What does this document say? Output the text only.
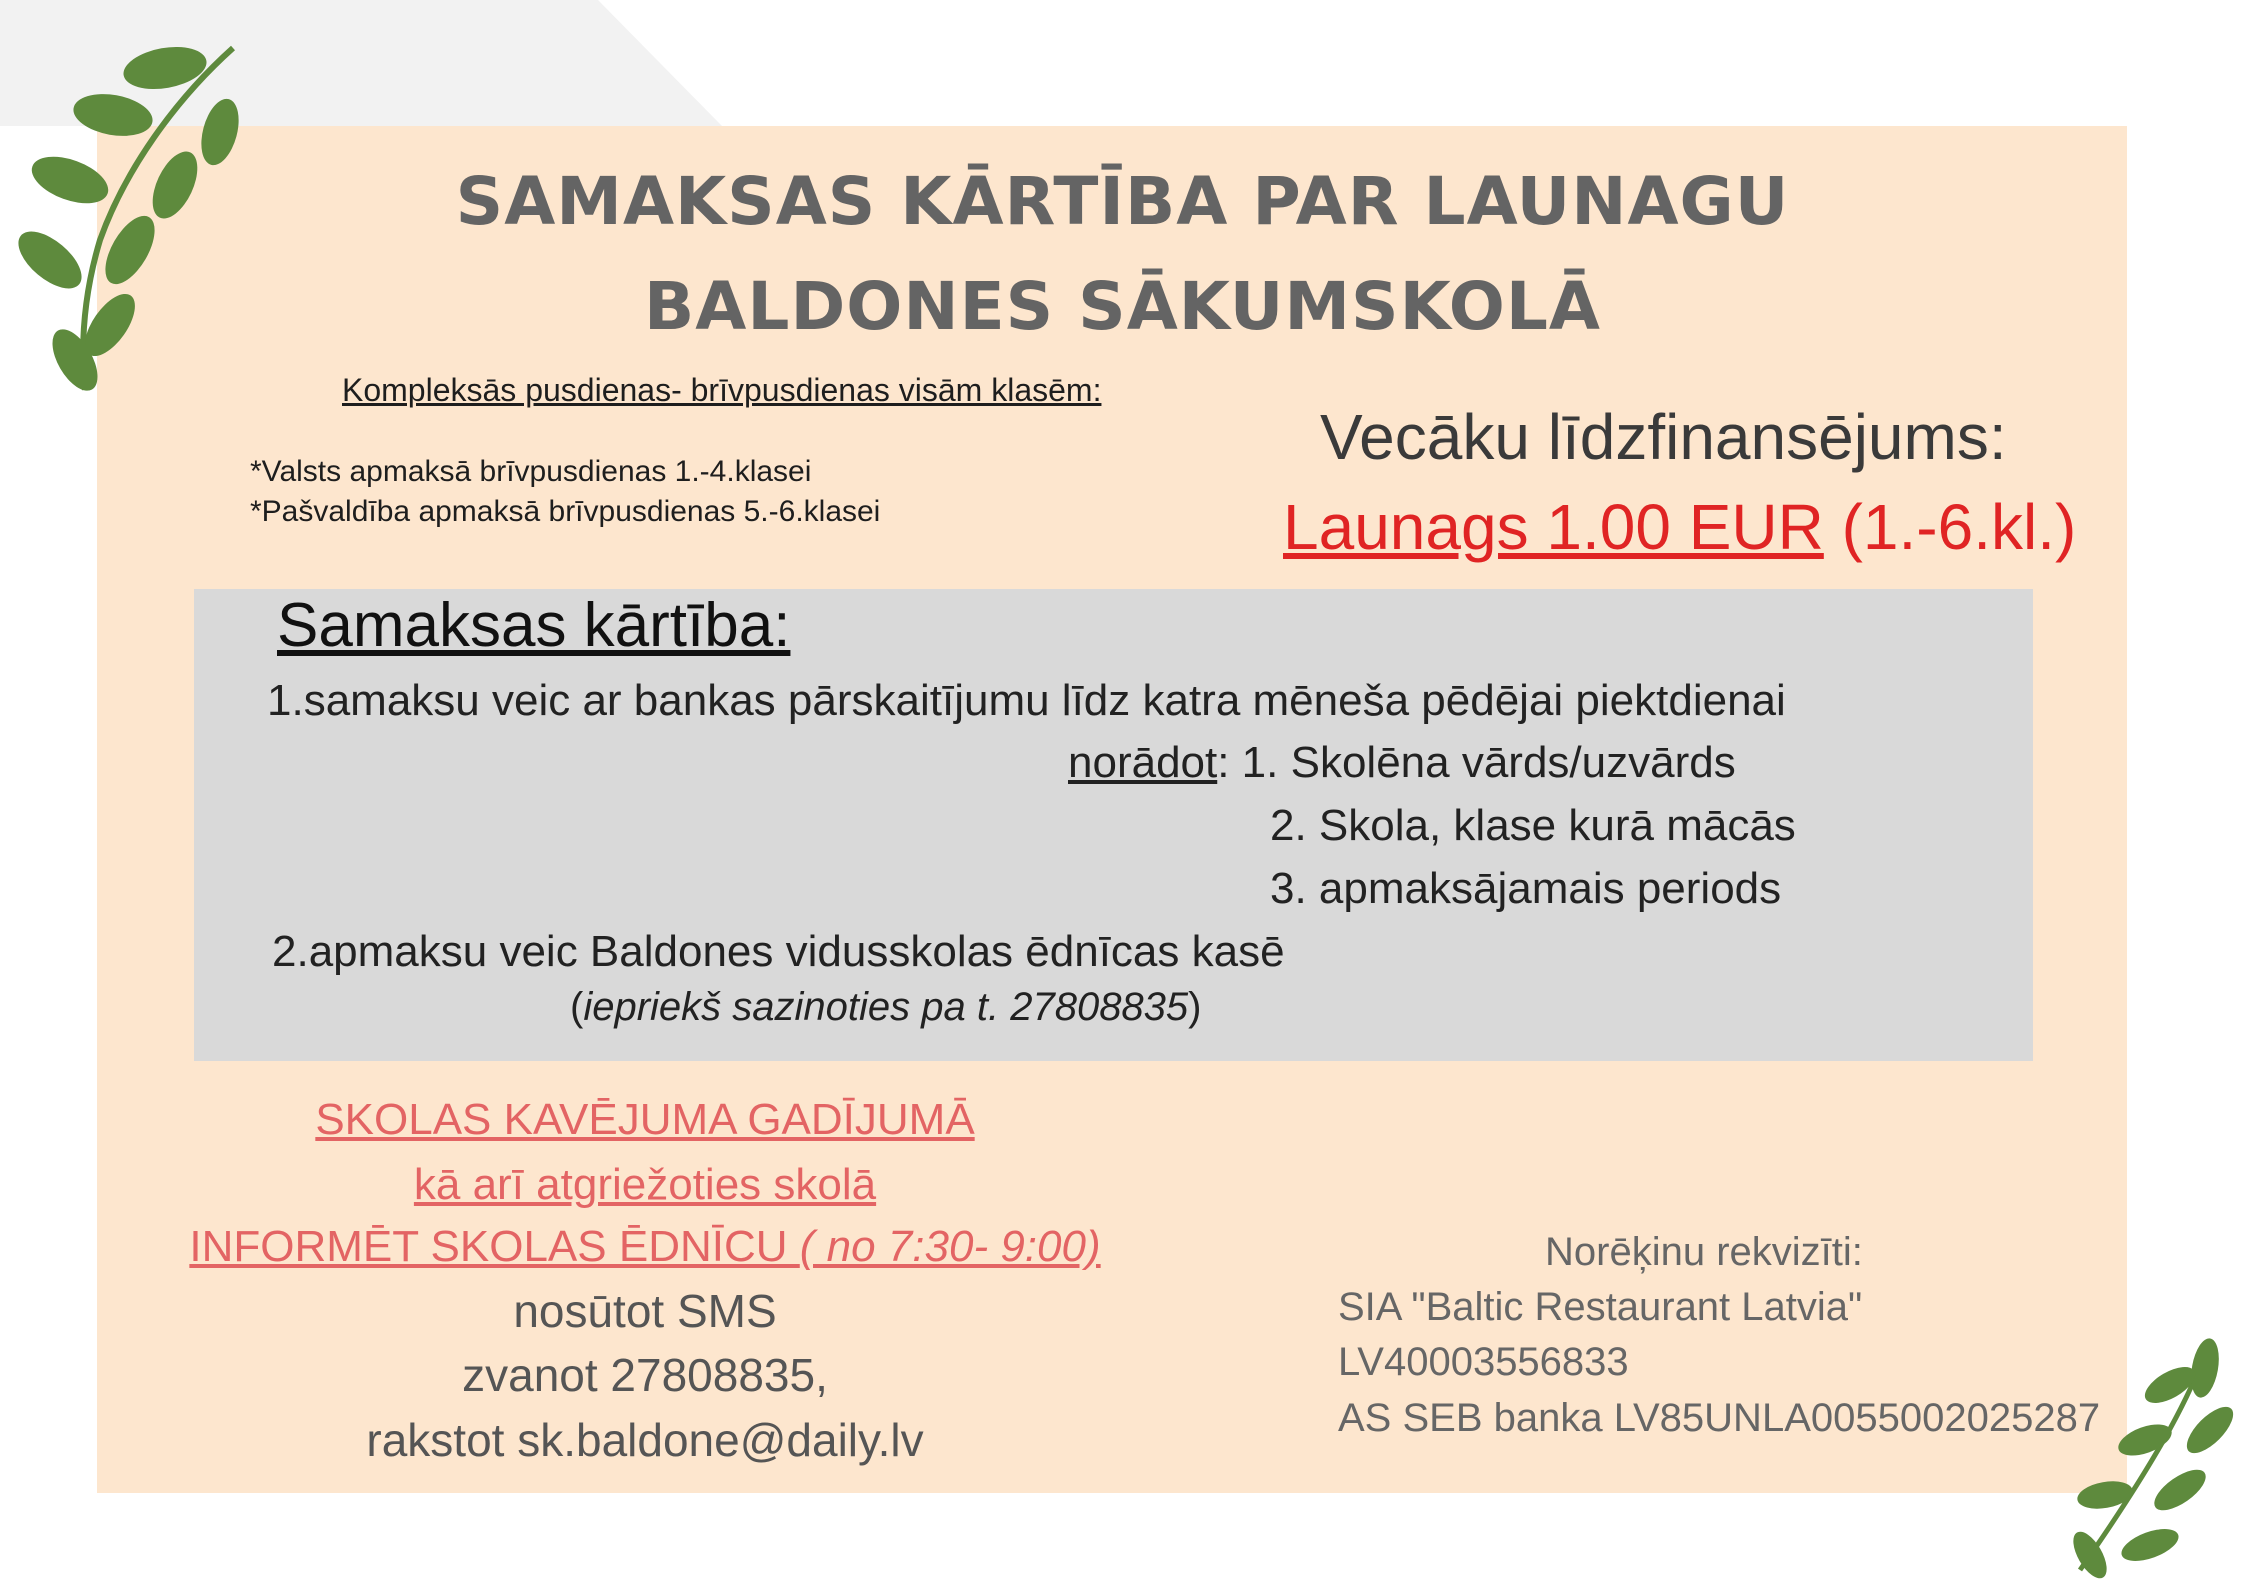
SAMAKSAS KĀRTĪBA PAR LAUNAGU
BALDONES SĀKUMSKOLĀ
Kompleksās pusdienas- brīvpusdienas visām klasēm:
*Valsts apmaksā brīvpusdienas 1.-4.klasei
*Pašvaldība apmaksā brīvpusdienas 5.-6.klasei
Vecāku līdzfinansējums:
Launags 1.00 EUR (1.-6.kl.)
Samaksas kārtība:
1.samaksu veic ar bankas pārskaitījumu līdz katra mēneša pēdējai piektdienai
norādot: 1. Skolēna vārds/uzvārds
2. Skola, klase kurā mācās
3. apmaksājamais periods
2.apmaksu veic Baldones vidusskolas ēdnīcas kasē
(iepriekš sazinoties pa t. 27808835)
SKOLAS KAVĒJUMA GADĪJUMĀ
kā arī atgriežoties skolā
INFORMĒT SKOLAS ĒDNĪCU ( no 7:30- 9:00)
nosūtot SMS
zvanot 27808835,
rakstot sk.baldone@daily.lv
Norēķinu rekvizīti:
SIA "Baltic Restaurant Latvia"
LV40003556833
AS SEB banka LV85UNLA0055002025287
